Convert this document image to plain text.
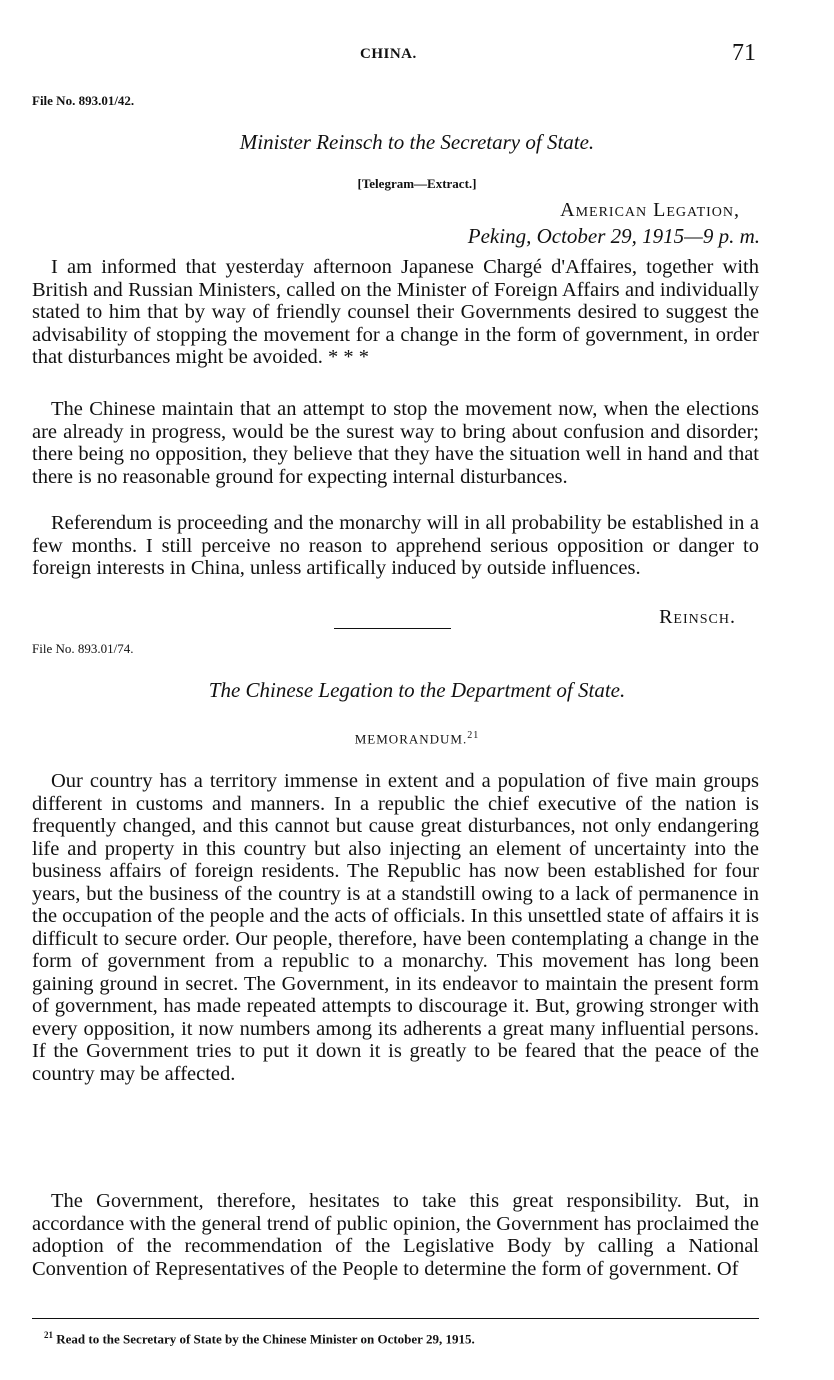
CHINA.	71
File No. 893.01/42.
Minister Reinsch to the Secretary of State.
[Telegram—Extract.]
American Legation,
Peking, October 29, 1915—9 p. m.
I am informed that yesterday afternoon Japanese Chargé d'Affaires, together with British and Russian Ministers, called on the Minister of Foreign Affairs and individually stated to him that by way of friendly counsel their Governments desired to suggest the advisability of stopping the movement for a change in the form of government, in order that disturbances might be avoided. * * *
The Chinese maintain that an attempt to stop the movement now, when the elections are already in progress, would be the surest way to bring about confusion and disorder; there being no opposition, they believe that they have the situation well in hand and that there is no reasonable ground for expecting internal disturbances.
Referendum is proceeding and the monarchy will in all probability be established in a few months. I still perceive no reason to apprehend serious opposition or danger to foreign interests in China, unless artifically induced by outside influences.
Reinsch.
File No. 893.01/74.
The Chinese Legation to the Department of State.
MEMORANDUM.$^{21}$
Our country has a territory immense in extent and a population of five main groups different in customs and manners. In a republic the chief executive of the nation is frequently changed, and this cannot but cause great disturbances, not only endangering life and property in this country but also injecting an element of uncertainty into the business affairs of foreign residents. The Republic has now been established for four years, but the business of the country is at a standstill owing to a lack of permanence in the occupation of the people and the acts of officials. In this unsettled state of affairs it is difficult to secure order. Our people, therefore, have been contemplating a change in the form of government from a republic to a monarchy. This movement has long been gaining ground in secret. The Government, in its endeavor to maintain the present form of government, has made repeated attempts to discourage it. But, growing stronger with every opposition, it now numbers among its adherents a great many influential persons. If the Government tries to put it down it is greatly to be feared that the peace of the country may be affected.
The Government, therefore, hesitates to take this great responsibility. But, in accordance with the general trend of public opinion, the Government has proclaimed the adoption of the recommendation of the Legislative Body by calling a National Convention of Representatives of the People to determine the form of government. Of
$^{21}$ Read to the Secretary of State by the Chinese Minister on October 29, 1915.
